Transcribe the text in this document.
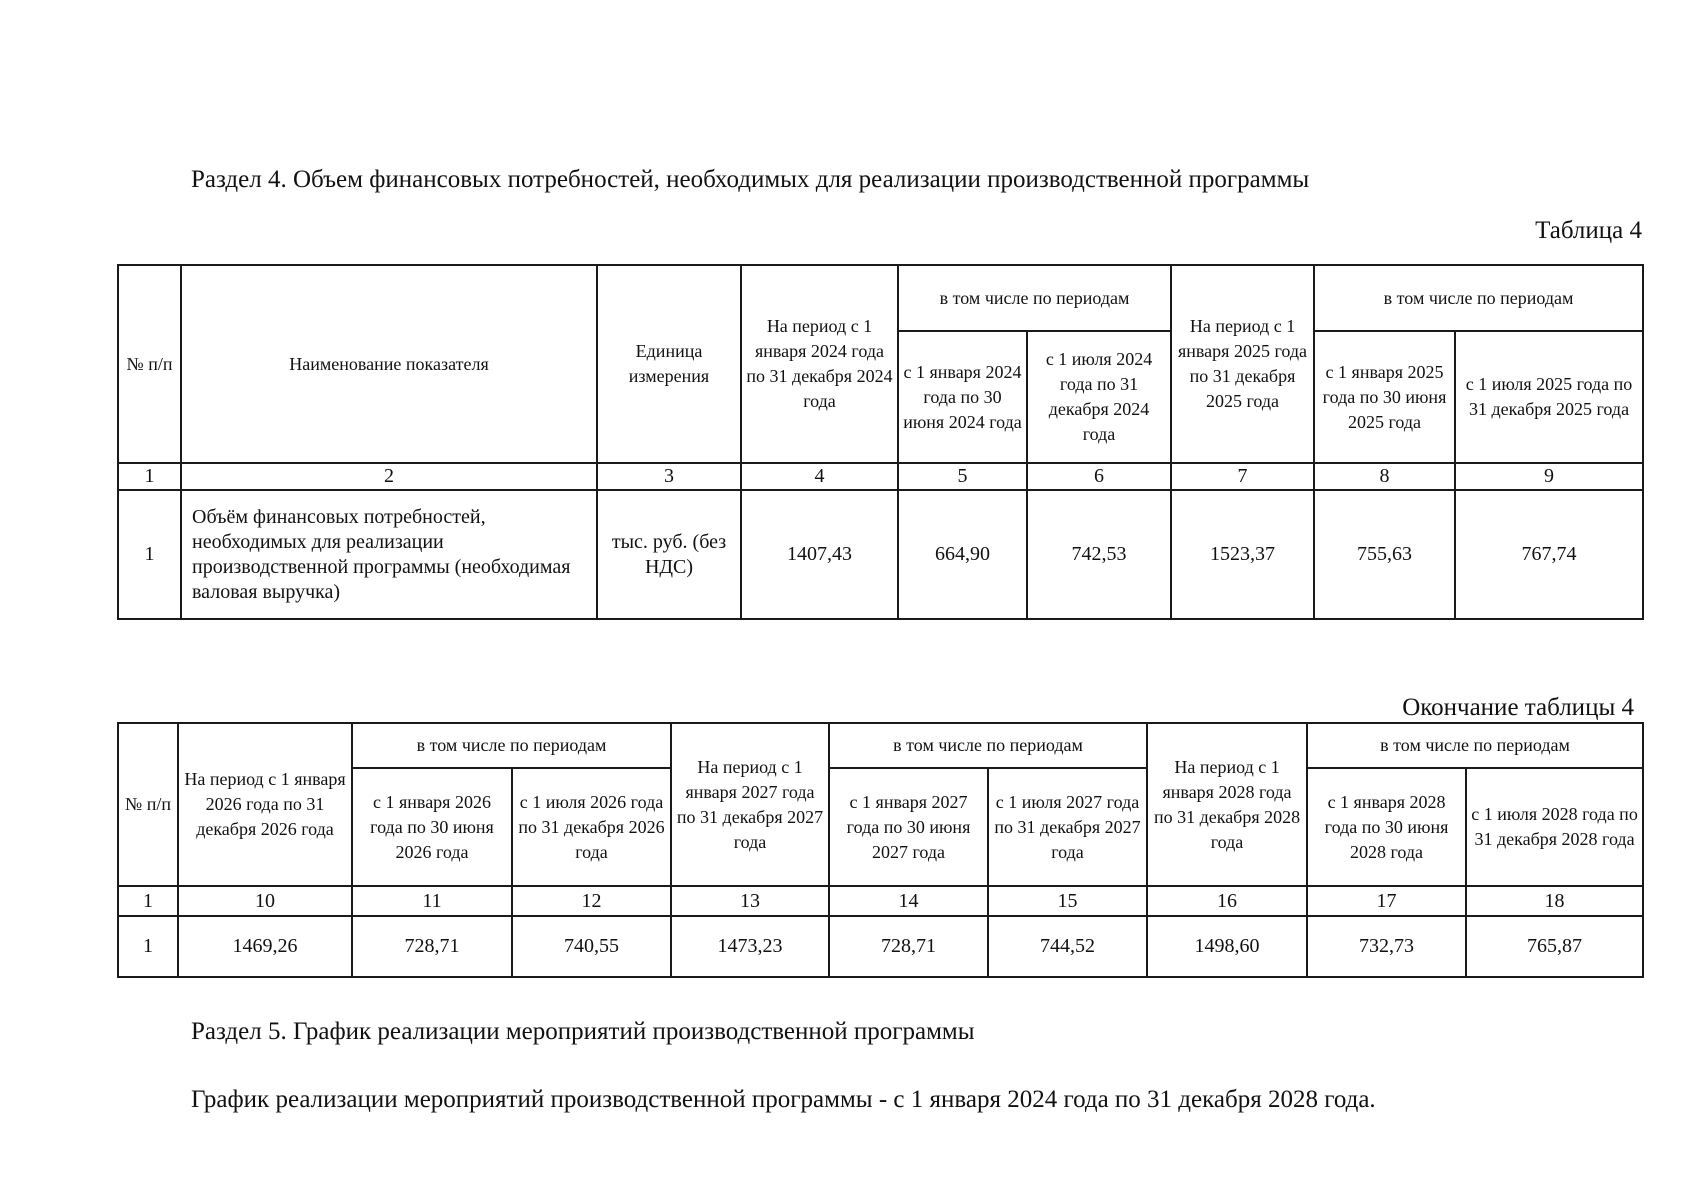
Раздел 4. Объем финансовых потребностей, необходимых для реализации производственной программы
Таблица 4
№ п/п	Наименование показателя	Единица измерения	На период с 1 января 2024 года по 31 декабря 2024 года	в том числе по периодам		На период с 1 января 2025 года по 31 декабря 2025 года	в том числе по периодам	
				с 1 января 2024 года по 30 июня 2024 года	с 1 июля 2024 года по 31 декабря 2024 года		с 1 января 2025 года по 30 июня 2025 года	с 1 июля 2025 года по 31 декабря 2025 года
1	2	3	4	5	6	7	8	9
1	Объём финансовых потребностей, необходимых для реализации производственной программы (необходимая валовая выручка)	тыс. руб. (без НДС)	1407,43	664,90	742,53	1523,37	755,63	767,74
Окончание таблицы 4
№ п/п	На период с 1 января 2026 года по 31 декабря 2026 года	в том числе по периодам		На период с 1 января 2027 года по 31 декабря 2027 года	в том числе по периодам		На период с 1 января 2028 года по 31 декабря 2028 года	в том числе по периодам	
		с 1 января 2026 года по 30 июня 2026 года	с 1 июля 2026 года по 31 декабря 2026 года		с 1 января 2027 года по 30 июня 2027 года	с 1 июля 2027 года по 31 декабря 2027 года		с 1 января 2028 года по 30 июня 2028 года	с 1 июля 2028 года по 31 декабря 2028 года
1	10	11	12	13	14	15	16	17	18
1	1469,26	728,71	740,55	1473,23	728,71	744,52	1498,60	732,73	765,87
Раздел 5. График реализации мероприятий производственной программы
График реализации мероприятий производственной программы - с 1 января 2024 года по 31 декабря 2028 года.
